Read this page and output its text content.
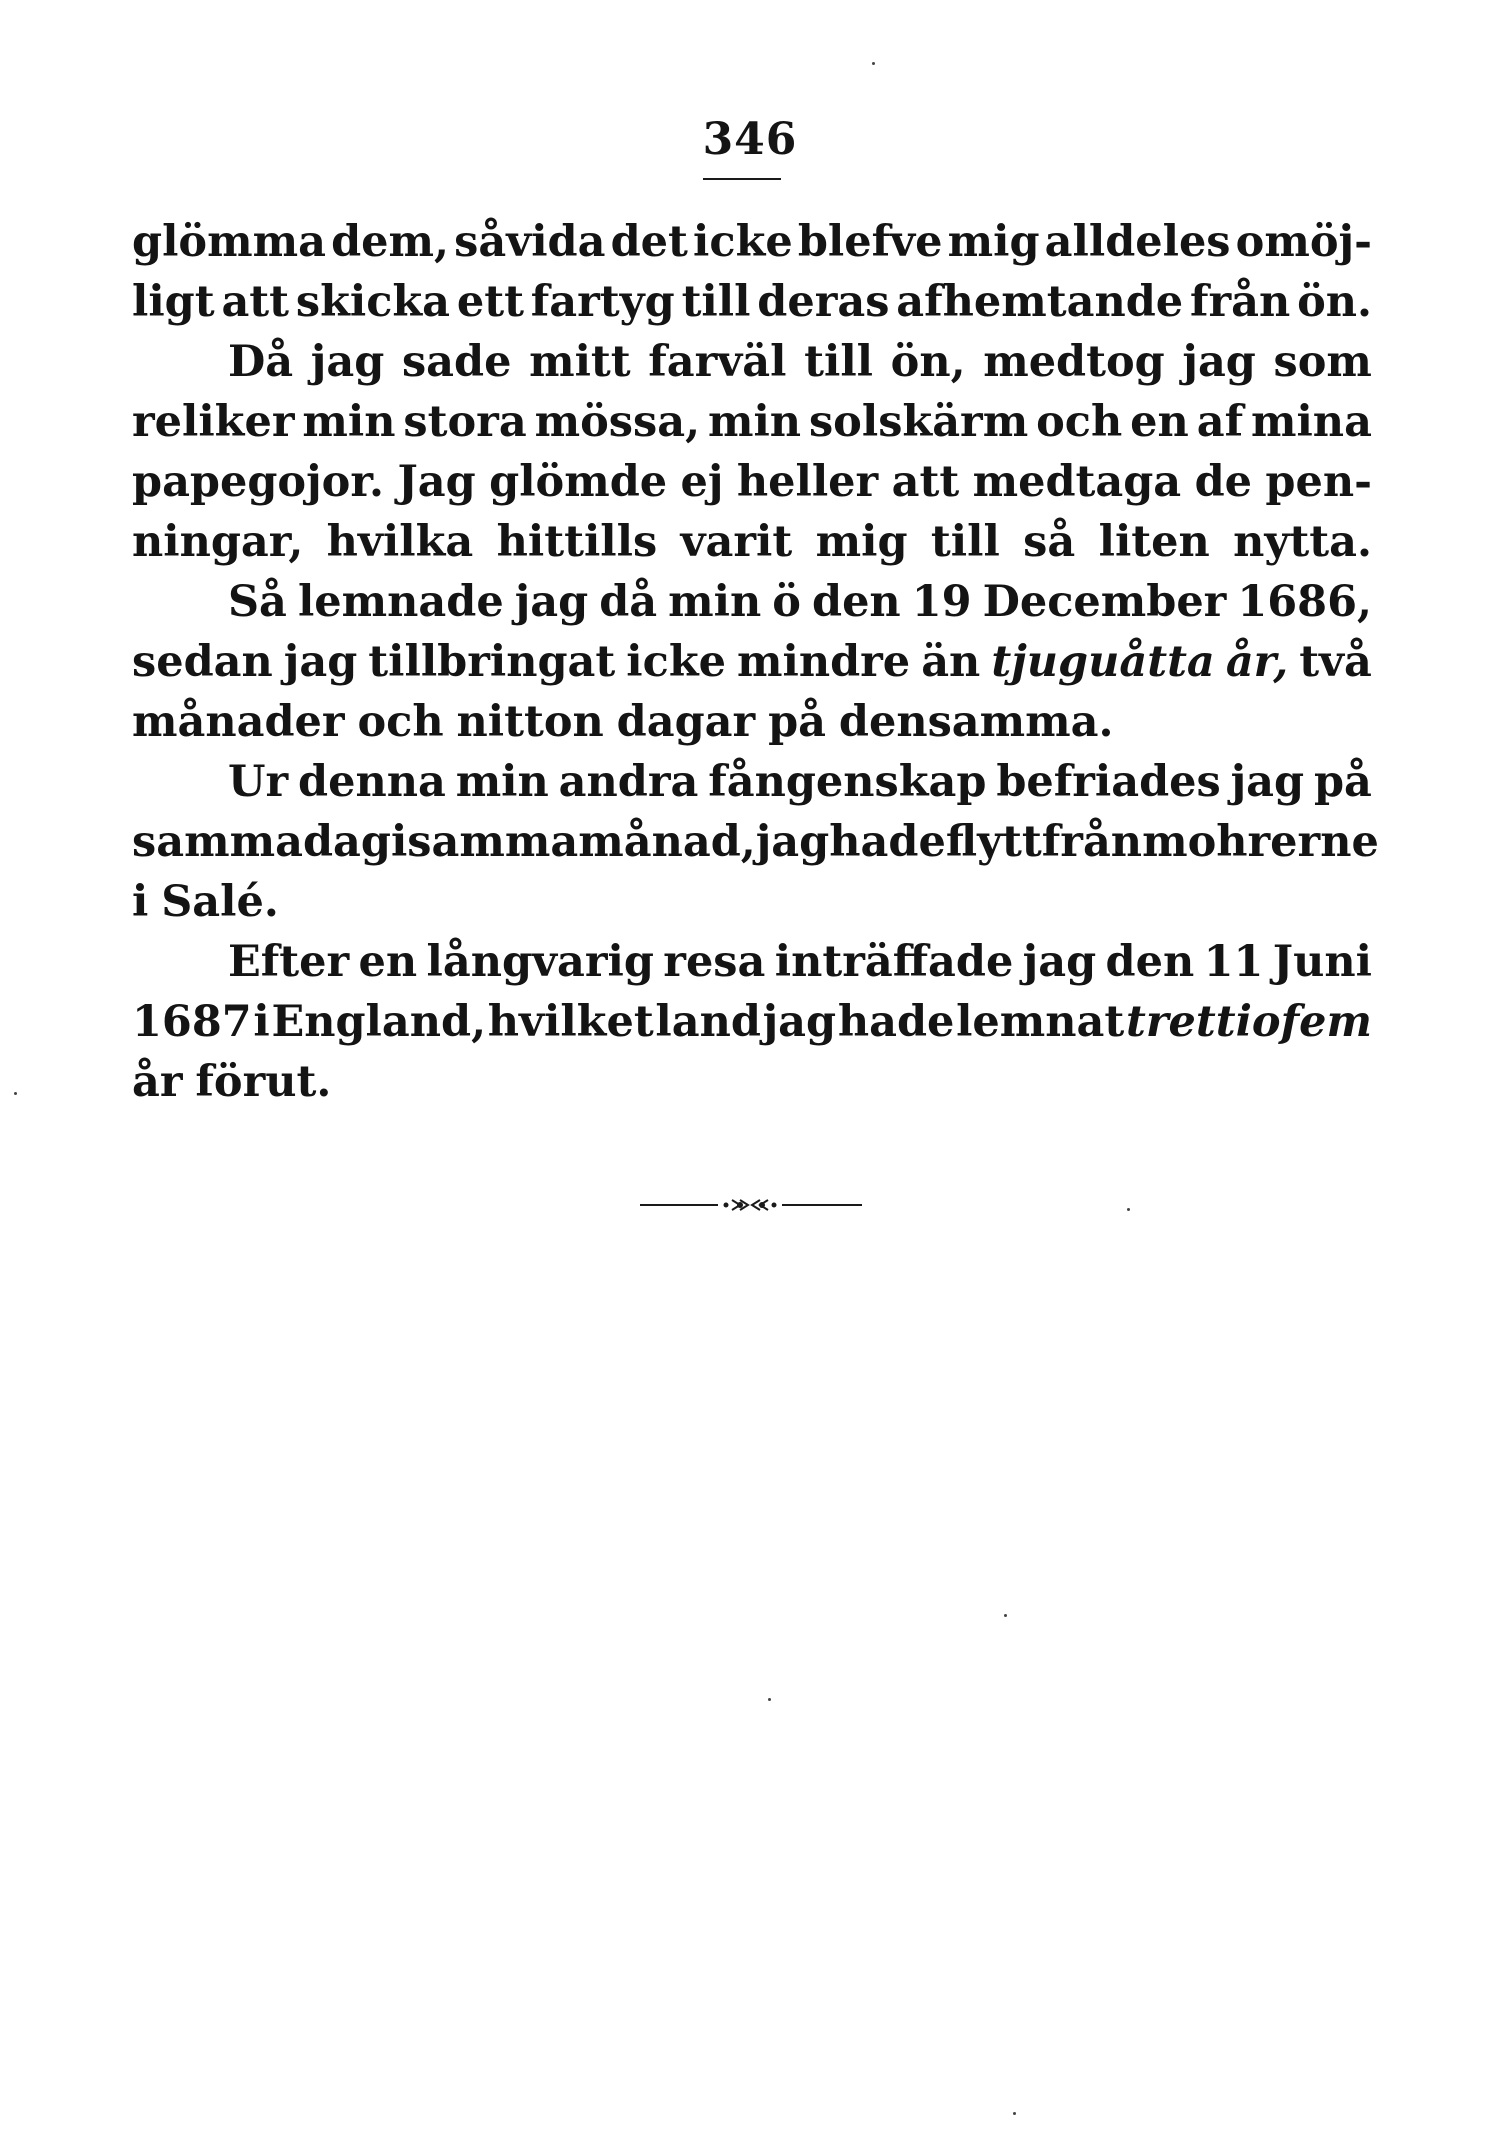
346
glömma dem, såvida det icke blefve mig alldeles omöj-
ligt att skicka ett fartyg till deras afhemtande från ön.
Då jag sade mitt farväl till ön, medtog jag som
reliker min stora mössa, min solskärm och en af mina
papegojor. Jag glömde ej heller att medtaga de pen-
ningar, hvilka hittills varit mig till så liten nytta.
Så lemnade jag då min ö den 19 December 1686,
sedan jag tillbringat icke mindre än tjuguåtta år, två
månader och nitton dagar på densamma.
Ur denna min andra fångenskap befriades jag på
samma dag i samma månad, jag hade flytt från mohrerne
i Salé.
Efter en långvarig resa inträffade jag den 11 Juni
1687 i England, hvilket land jag hade lemnat trettiofem
år förut.
